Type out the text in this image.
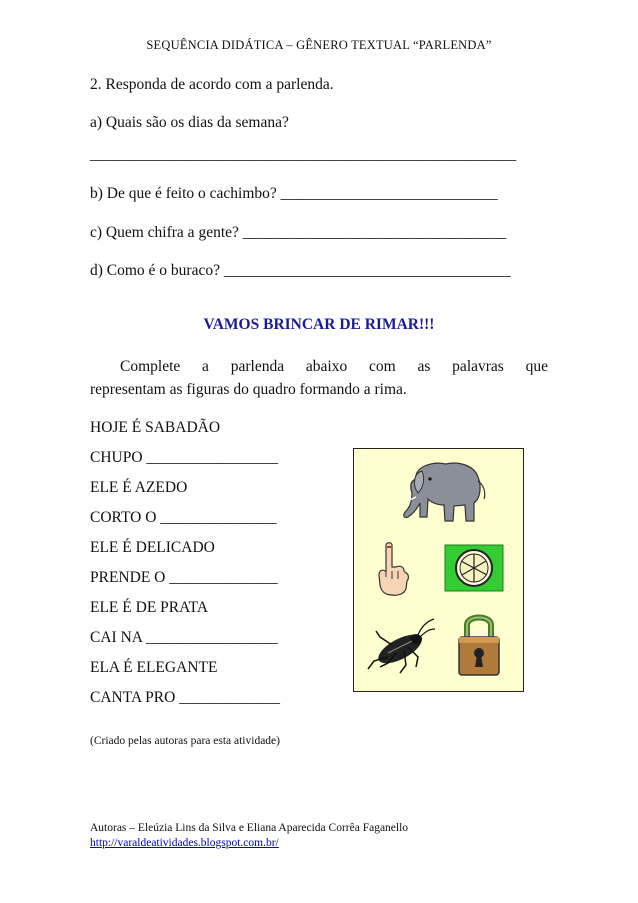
SEQUÊNCIA DIDÁTICA – GÊNERO TEXTUAL “PARLENDA”
2. Responda de acordo com a parlenda.
a) Quais são os dias da semana?
_______________________________________________________
b) De que é feito o cachimbo? ____________________________
c) Quem chifra a gente? __________________________________
d) Como é o buraco? _____________________________________
VAMOS BRINCAR DE RIMAR!!!
Complete a parlenda abaixo com as palavras que
representam as figuras do quadro formando a rima.
HOJE É SABADÃO
CHUPO _________________
ELE É AZEDO
CORTO O _______________
ELE É DELICADO
PRENDE O ______________
ELE É DE PRATA
CAI NA _________________
ELA É ELEGANTE
CANTA PRO _____________
(Criado pelas autoras para esta atividade)
Autoras – Eleúzia Lins da Silva e Eliana Aparecida Corrêa Faganello
http://varaldeatividades.blogspot.com.br/
